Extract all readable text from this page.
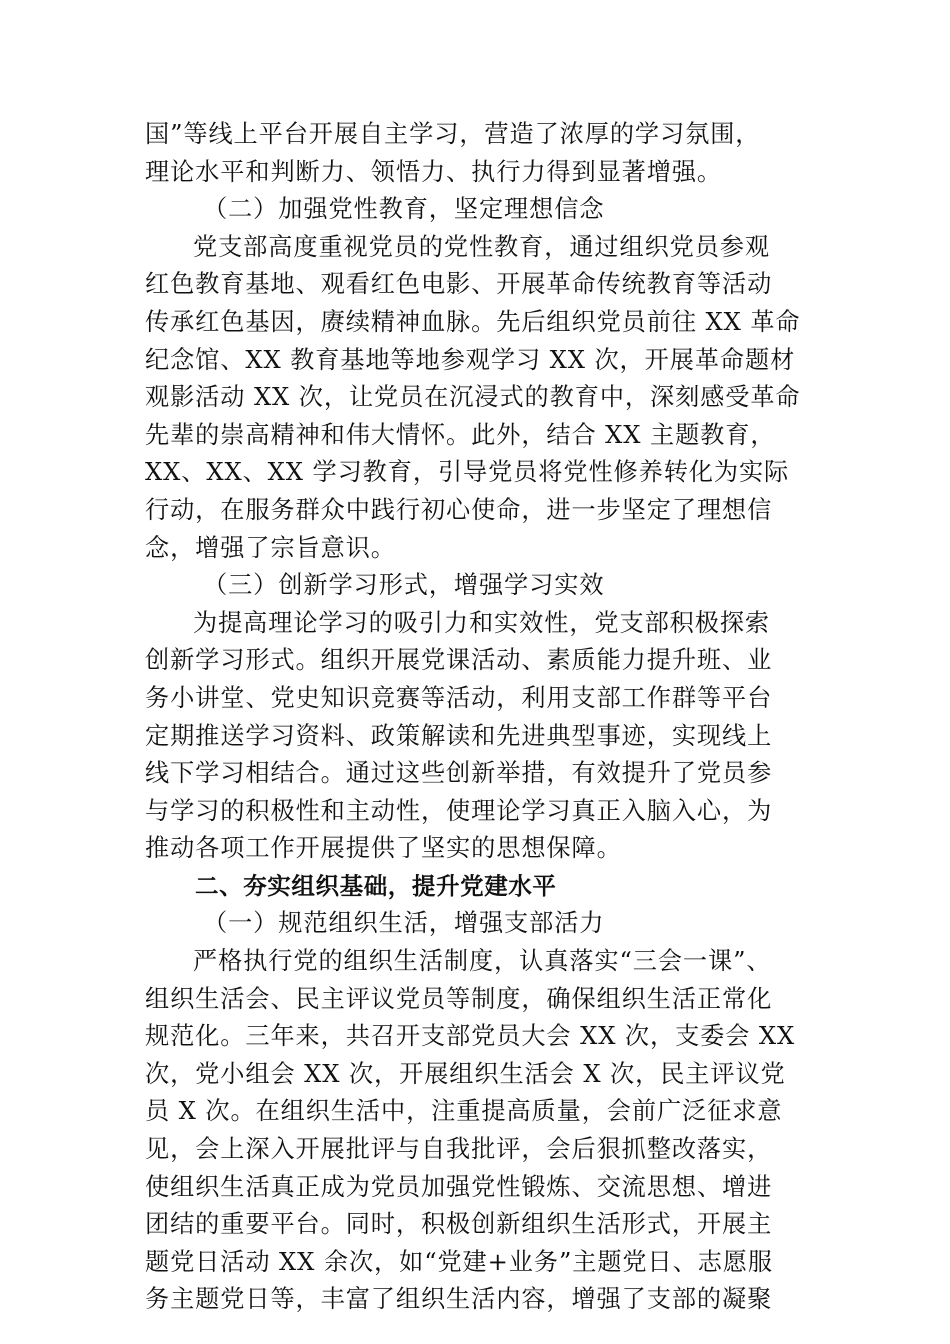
国”等线上平台开展自主学习，营造了浓厚的学习氛围，
理论水平和判断力、领悟力、执行力得到显著增强。
（二）加强党性教育，坚定理想信念
党支部高度重视党员的党性教育，通过组织党员参观
红色教育基地、观看红色电影、开展革命传统教育等活动
传承红色基因，赓续精神血脉。先后组织党员前往 XX 革命
纪念馆、XX 教育基地等地参观学习 XX 次，开展革命题材
观影活动 XX 次，让党员在沉浸式的教育中，深刻感受革命
先辈的崇高精神和伟大情怀。此外，结合 XX 主题教育，
XX、XX、XX 学习教育，引导党员将党性修养转化为实际
行动，在服务群众中践行初心使命，进一步坚定了理想信
念，增强了宗旨意识。
（三）创新学习形式，增强学习实效
为提高理论学习的吸引力和实效性，党支部积极探索
创新学习形式。组织开展党课活动、素质能力提升班、业
务小讲堂、党史知识竞赛等活动，利用支部工作群等平台
定期推送学习资料、政策解读和先进典型事迹，实现线上
线下学习相结合。通过这些创新举措，有效提升了党员参
与学习的积极性和主动性，使理论学习真正入脑入心，为
推动各项工作开展提供了坚实的思想保障。
二、夯实组织基础，提升党建水平
（一）规范组织生活，增强支部活力
严格执行党的组织生活制度，认真落实“三会一课”、
组织生活会、民主评议党员等制度，确保组织生活正常化
规范化。三年来，共召开支部党员大会 XX 次，支委会 XX
次，党小组会 XX 次，开展组织生活会 X 次，民主评议党
员 X 次。在组织生活中，注重提高质量，会前广泛征求意
见，会上深入开展批评与自我批评，会后狠抓整改落实，
使组织生活真正成为党员加强党性锻炼、交流思想、增进
团结的重要平台。同时，积极创新组织生活形式，开展主
题党日活动 XX 余次，如“党建+业务”主题党日、志愿服
务主题党日等，丰富了组织生活内容，增强了支部的凝聚
